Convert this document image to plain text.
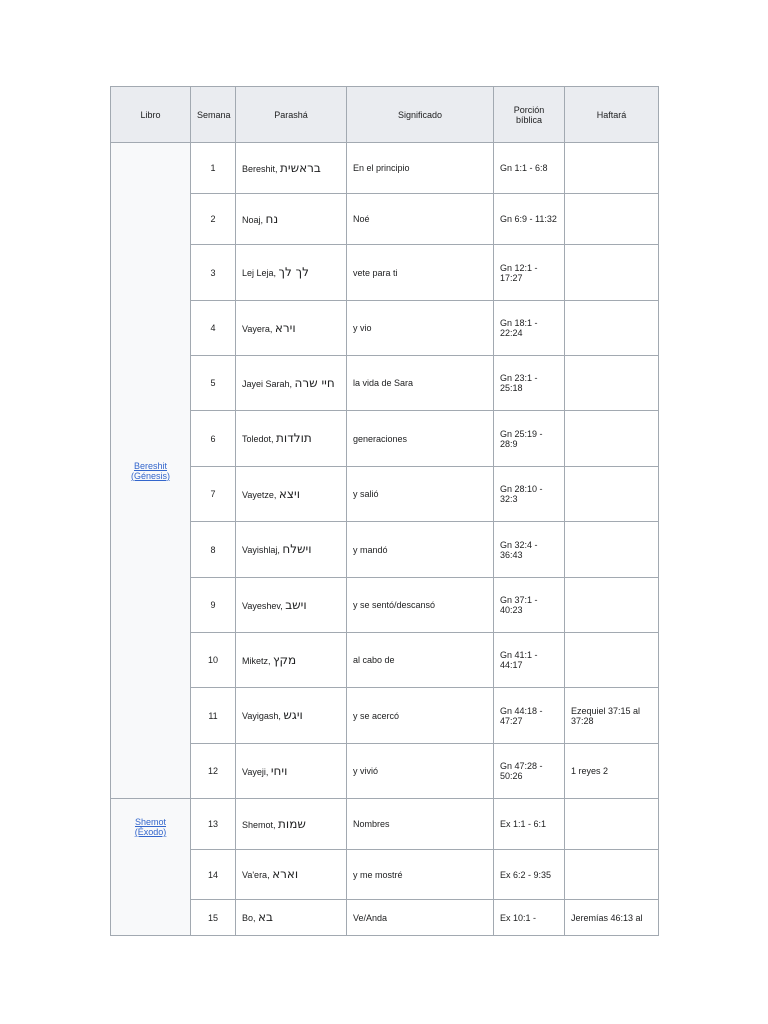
Libro	Semana	Parashá	Significado	Porción bíblica	Haftará

Bereshit
(Génesis)	1	Bereshit, בראשית	En el principio	Gn 1:1 - 6:8	
	2	Noaj, נח	Noé	Gn 6:9 - 11:32	
	3	Lej Leja, לך לך	vete para ti	Gn 12:1 - 17:27	
	4	Vayera, וירא	y vio	Gn 18:1 - 22:24	
	5	Jayei Sarah, חיי שרה	la vida de Sara	Gn 23:1 - 25:18	
	6	Toledot, תולדות	generaciones	Gn 25:19 - 28:9	
	7	Vayetze, ויצא	y salió	Gn 28:10 - 32:3	
	8	Vayishlaj, וישלח	y mandó	Gn 32:4 - 36:43	
	9	Vayeshev, וישב	y se sentó/descansó	Gn 37:1 - 40:23	
	10	Miketz, מקץ	al cabo de	Gn 41:1 - 44:17	
	11	Vayigash, ויגש	y se acercó	Gn 44:18 - 47:27	Ezequiel 37:15 al 37:28
	12	Vayeji, ויחי	y vivió	Gn 47:28 - 50:26	1 reyes 2

Shemot
(Éxodo)	13	Shemot, שמות	Nombres	Ex 1:1 - 6:1	
	14	Va'era, וארא	y me mostré	Ex 6:2 - 9:35	
	15	Bo, בא	Ve/Anda	Ex 10:1 -	Jeremías 46:13 al
